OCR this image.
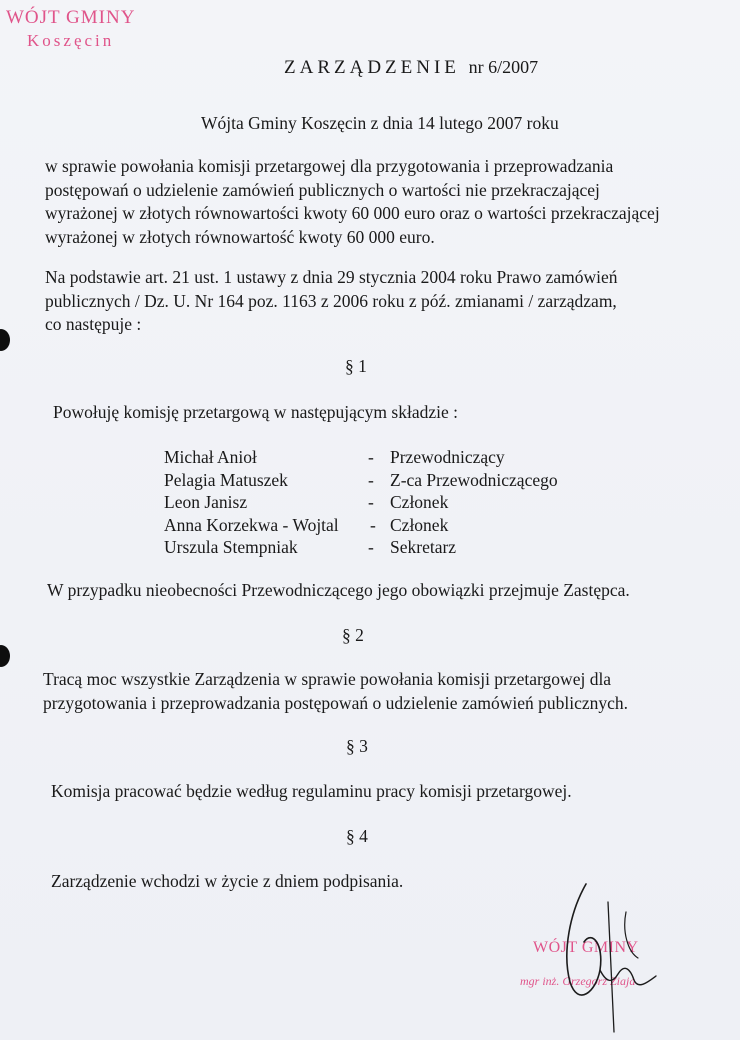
WÓJT GMINY
Koszęcin
ZARZĄDZENIE nr 6/2007
Wójta Gminy Koszęcin z dnia 14 lutego 2007 roku
w sprawie powołania komisji przetargowej dla przygotowania i przeprowadzania
postępowań o udzielenie zamówień publicznych o wartości nie przekraczającej
wyrażonej w złotych równowartości kwoty 60 000 euro oraz o wartości przekraczającej
wyrażonej w złotych równowartość kwoty 60 000 euro.
Na podstawie art. 21 ust. 1 ustawy z dnia 29 stycznia 2004 roku Prawo zamówień
publicznych / Dz. U. Nr 164 poz. 1163 z 2006 roku z póź. zmianami / zarządzam,
co następuje :
§ 1
Powołuję komisję przetargową w następującym składzie :
Michał Anioł	- Przewodniczący
Pelagia Matuszek	- Z-ca Przewodniczącego
Leon Janisz	- Członek
Anna Korzekwa - Wojtal - Członek
Urszula Stempniak	- Sekretarz
W przypadku nieobecności Przewodniczącego jego obowiązki przejmuje Zastępca.
§ 2
Tracą moc wszystkie Zarządzenia w sprawie powołania komisji przetargowej dla
przygotowania i przeprowadzania postępowań o udzielenie zamówień publicznych.
§ 3
Komisja pracować będzie według regulaminu pracy komisji przetargowej.
§ 4
Zarządzenie wchodzi w życie z dniem podpisania.
WÓJT GMINY
mgr inż. Grzegorz Ziaja
